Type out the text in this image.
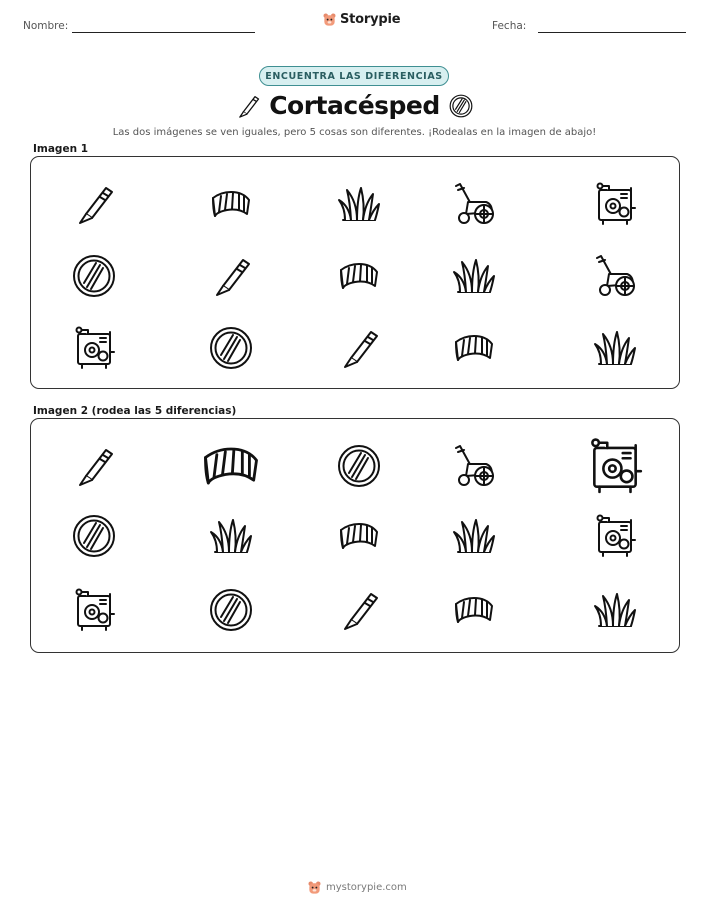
Nombre:	Storypie	Fecha:
ENCUENTRA LAS DIFERENCIAS
Cortacésped
Las dos imágenes se ven iguales, pero 5 cosas son diferentes. ¡Rodealas en la imagen de abajo!
Imagen 1
Imagen 2 (rodea las 5 diferencias)
mystorypie.com
